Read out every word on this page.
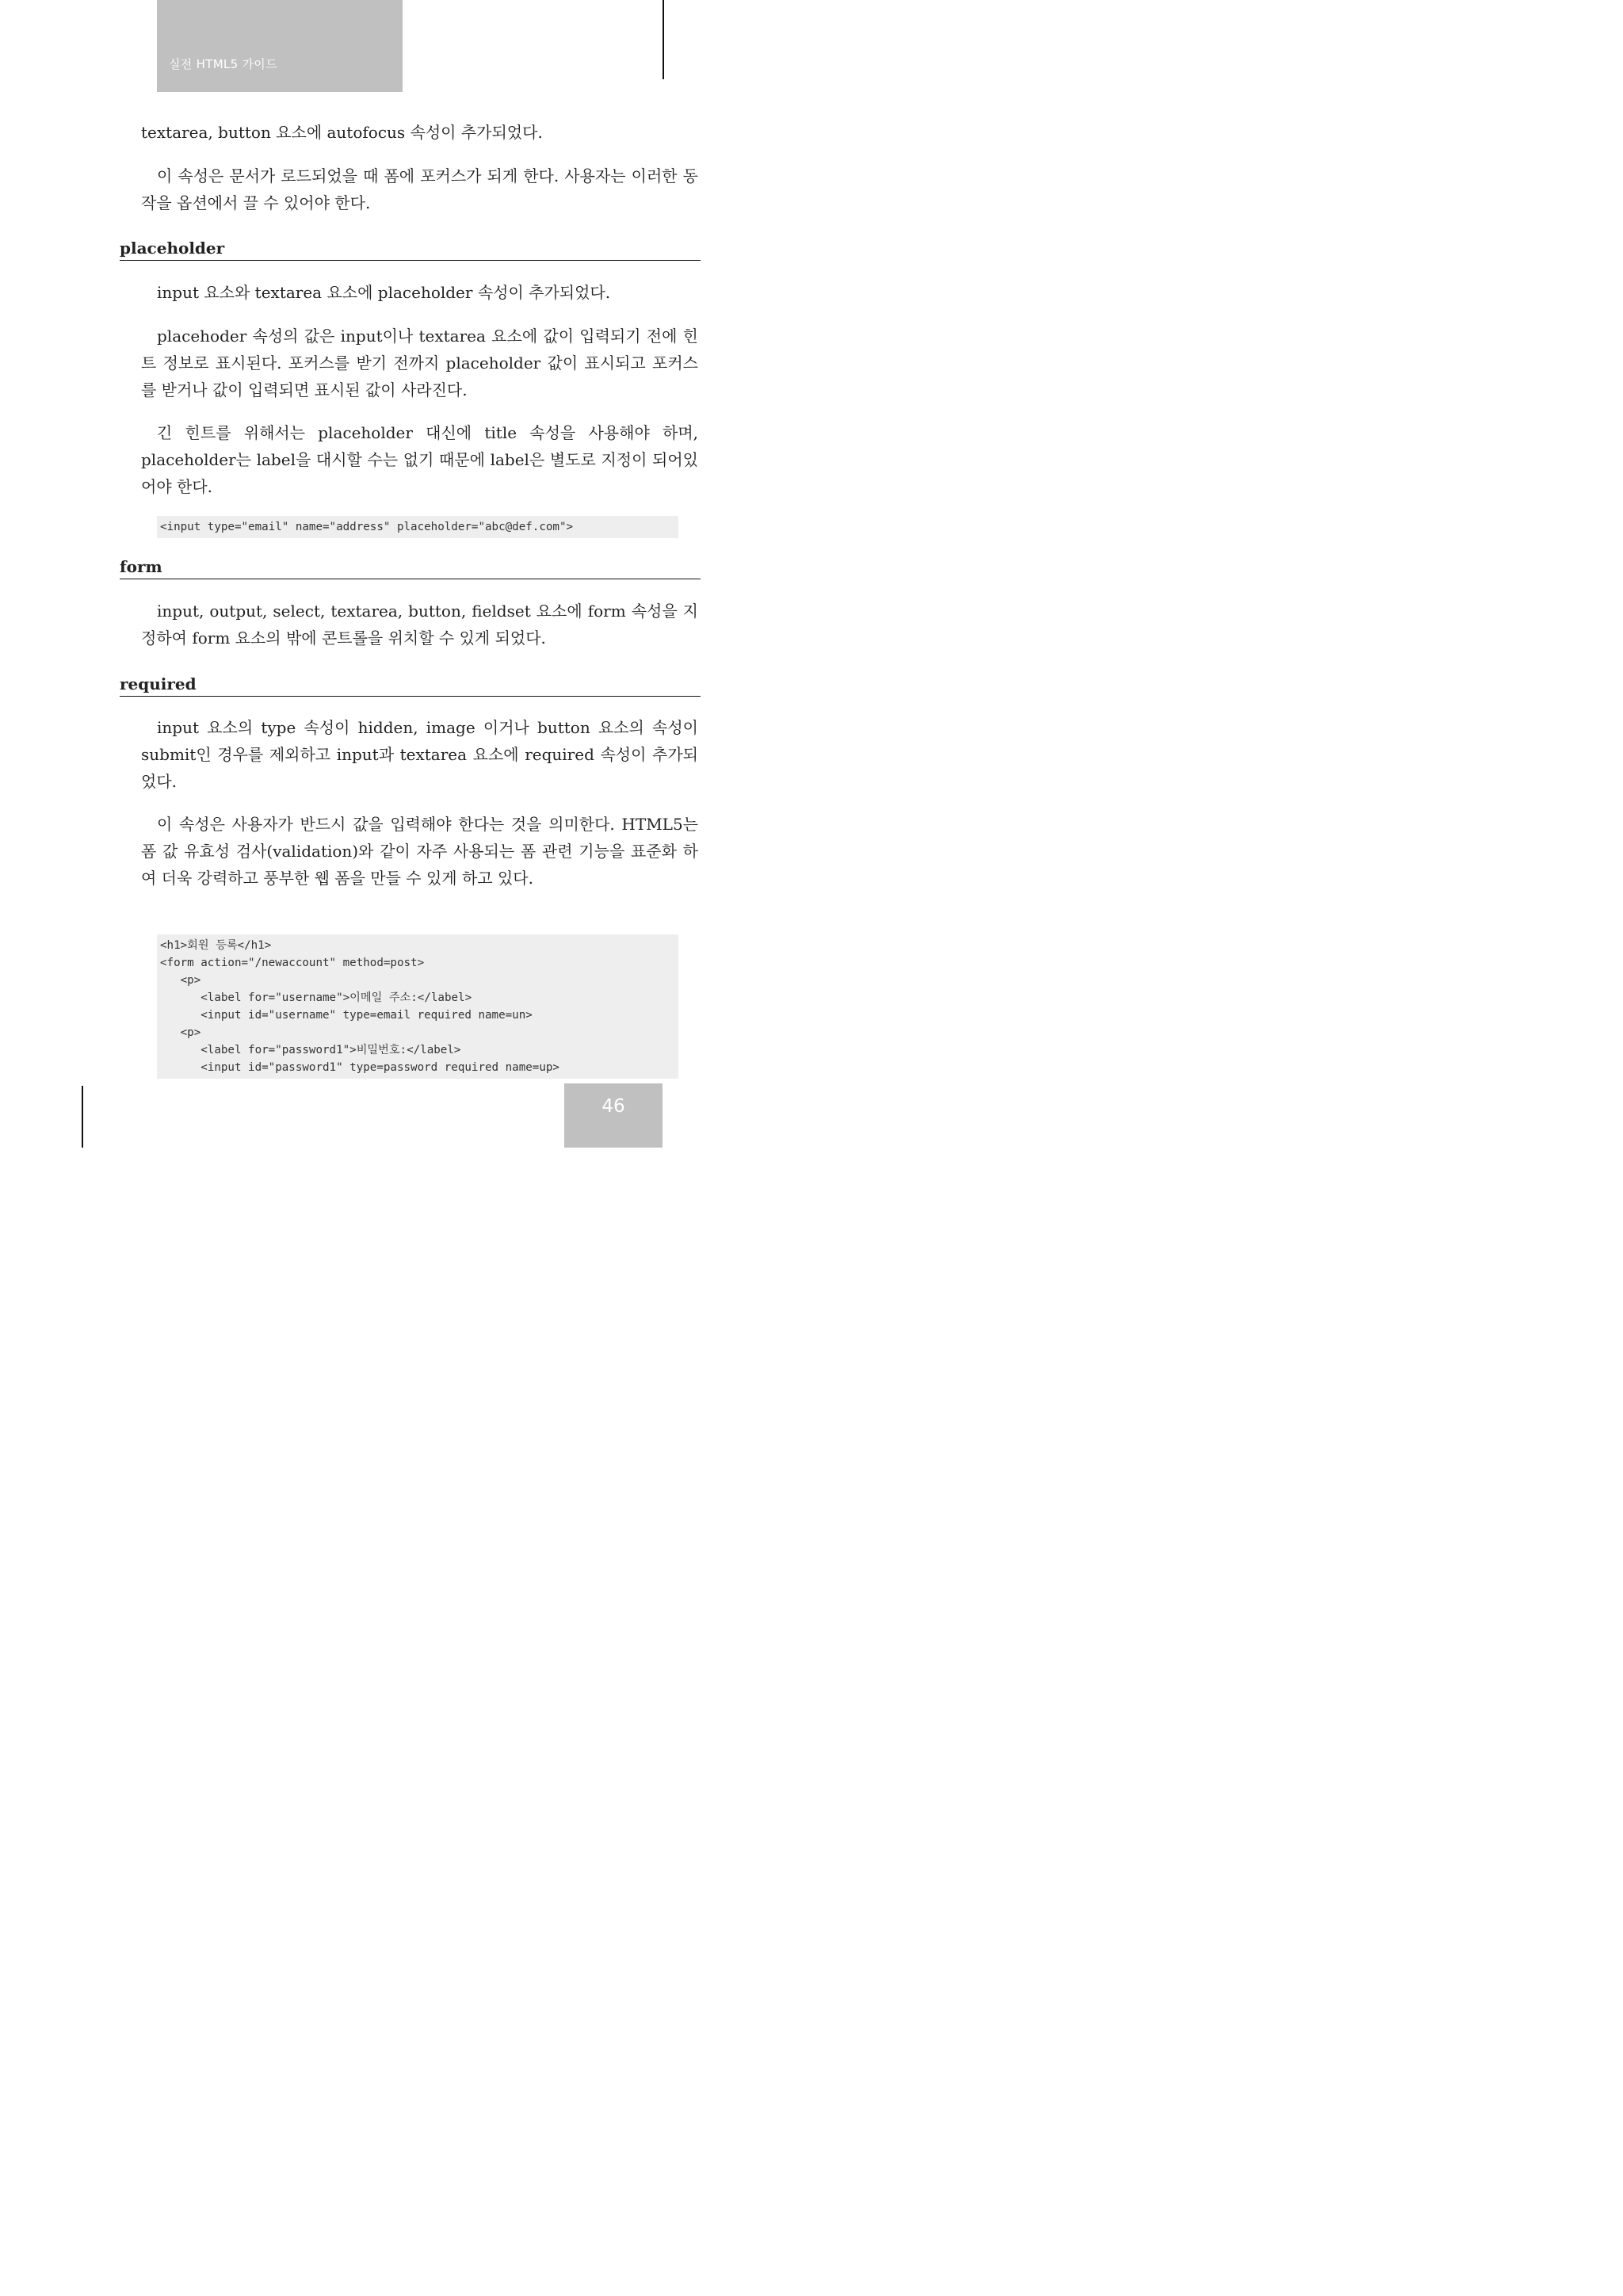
실전 HTML5 가이드

textarea, button 요소에 autofocus 속성이 추가되었다.

이 속성은 문서가 로드되었을 때 폼에 포커스가 되게 한다. 사용자는 이러한 동작을 옵션에서 끌 수 있어야 한다.

placeholder

input 요소와 textarea 요소에 placeholder 속성이 추가되었다.

placehoder 속성의 값은 input이나 textarea 요소에 값이 입력되기 전에 힌트 정보로 표시된다. 포커스를 받기 전까지 placeholder 값이 표시되고 포커스를 받거나 값이 입력되면 표시된 값이 사라진다.

긴 힌트를 위해서는 placeholder 대신에 title 속성을 사용해야 하며, placeholder는 label을 대시할 수는 없기 때문에 label은 별도로 지정이 되어있어야 한다.

<input type="email" name="address" placeholder="abc@def.com">
form

input, output, select, textarea, button, fieldset 요소에 form 속성을 지정하여 form 요소의 밖에 콘트롤을 위치할 수 있게 되었다.

required

input 요소의 type 속성이 hidden, image 이거나 button 요소의 속성이 submit인 경우를 제외하고 input과 textarea 요소에 required 속성이 추가되었다.

이 속성은 사용자가 반드시 값을 입력해야 한다는 것을 의미한다. HTML5는 폼 값 유효성 검사(validation)와 같이 자주 사용되는 폼 관련 기능을 표준화 하여 더욱 강력하고 풍부한 웹 폼을 만들 수 있게 하고 있다.

<h1>회원 등록</h1>
<form action="/newaccount" method=post>
<p>
<label for="username">이메일 주소:</label>
<input id="username" type=email required name=un>
<p>
<label for="password1">비밀번호:</label>
<input id="password1" type=password required name=up>
46
